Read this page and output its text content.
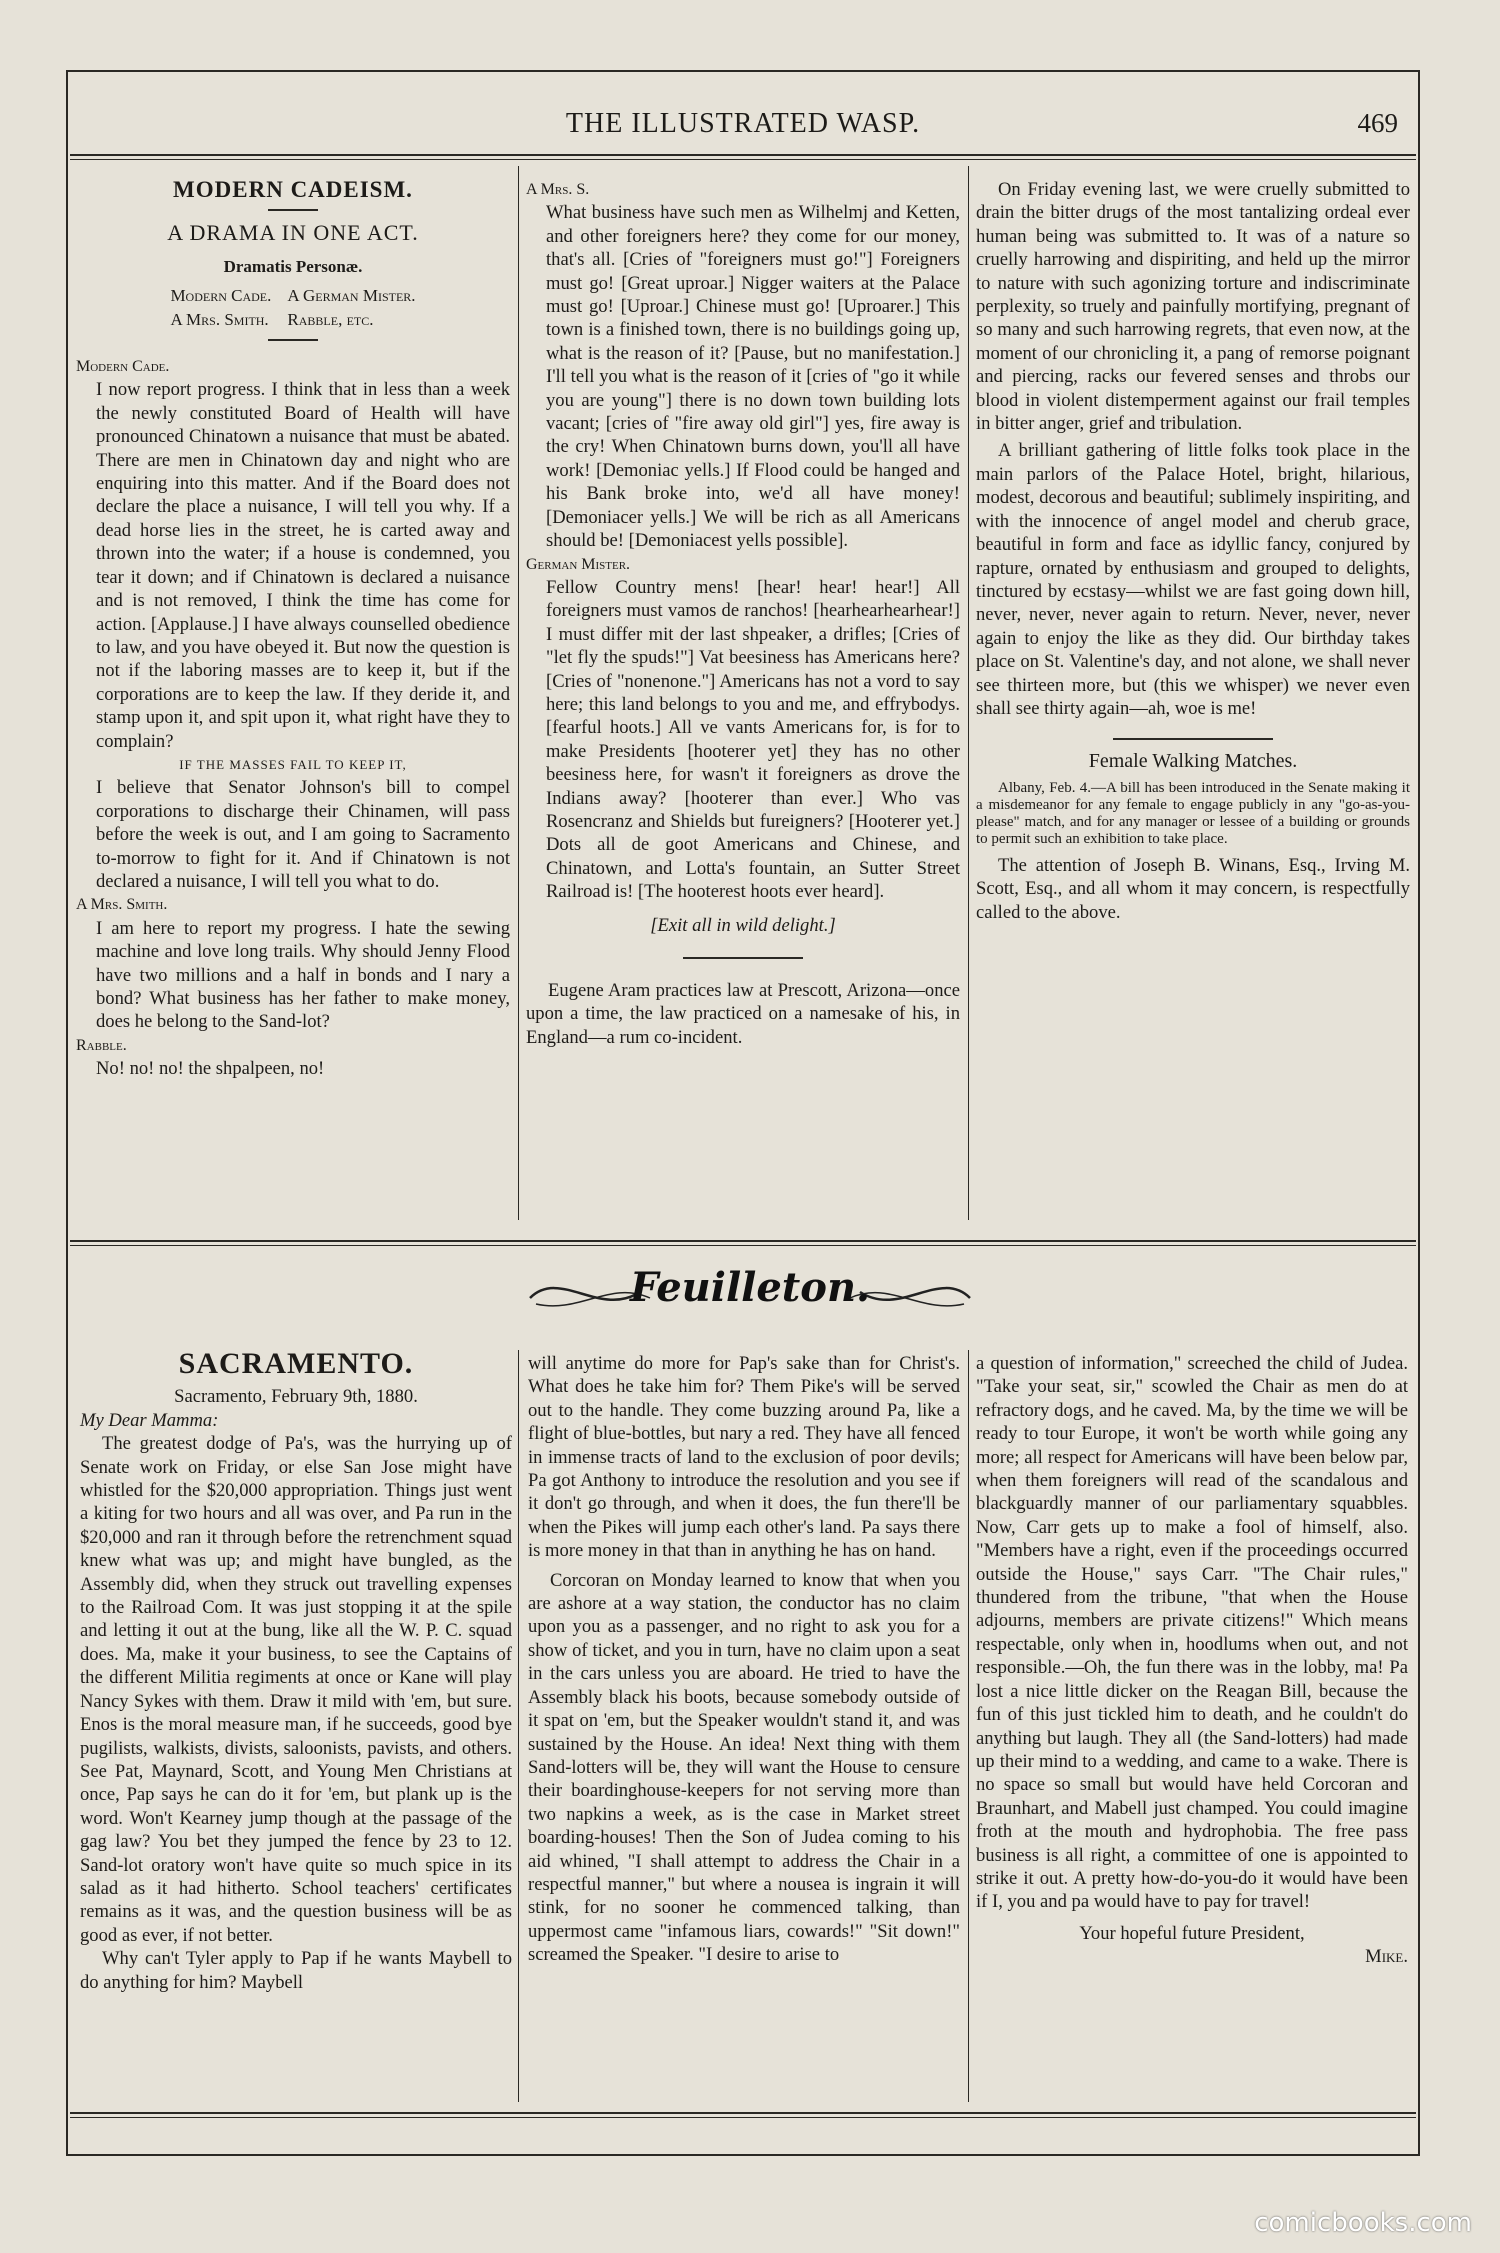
THE ILLUSTRATED WASP.	469
MODERN CADEISM.
A DRAMA IN ONE ACT.
Dramatis Personæ.
Modern Cade.	A German Mister.
A Mrs. Smith.	Rabble, etc.

Modern Cade.

I now report progress. I think that in less than a week the newly constituted Board of Health will have pronounced Chinatown a nuisance that must be abated. There are men in Chinatown day and night who are enquiring into this matter. And if the Board does not declare the place a nuisance, I will tell you why. If a dead horse lies in the street, he is carted away and thrown into the water; if a house is condemned, you tear it down; and if Chinatown is declared a nuisance and is not removed, I think the time has come for action. [Applause.] I have always counselled obedience to law, and you have obeyed it. But now the question is not if the laboring masses are to keep it, but if the corporations are to keep the law. If they deride it, and stamp upon it, and spit upon it, what right have they to complain?

IF THE MASSES FAIL TO KEEP IT,

I believe that Senator Johnson's bill to compel corporations to discharge their Chinamen, will pass before the week is out, and I am going to Sacramento to-morrow to fight for it. And if Chinatown is not declared a nuisance, I will tell you what to do.

A Mrs. Smith.

I am here to report my progress. I hate the sewing machine and love long trails. Why should Jenny Flood have two millions and a half in bonds and I nary a bond? What business has her father to make money, does he belong to the Sand-lot?

Rabble.

No! no! no! the shpalpeen, no!

A Mrs. S.

What business have such men as Wilhelmj and Ketten, and other foreigners here? they come for our money, that's all. [Cries of "foreigners must go!"] Foreigners must go! [Great uproar.] Nigger waiters at the Palace must go! [Uproar.] Chinese must go! [Uproarer.] This town is a finished town, there is no buildings going up, what is the reason of it? [Pause, but no manifestation.] I'll tell you what is the reason of it [cries of "go it while you are young"] there is no down town building lots vacant; [cries of "fire away old girl"] yes, fire away is the cry! When Chinatown burns down, you'll all have work! [Demoniac yells.] If Flood could be hanged and his Bank broke into, we'd all have money! [Demoniacer yells.] We will be rich as all Americans should be! [Demoniacest yells possible].

German Mister.

Fellow Country mens! [hear! hear! hear!] All foreigners must vamos de ranchos! [hearhearhearhear!] I must differ mit der last shpeaker, a drifles; [Cries of "let fly the spuds!"] Vat beesiness has Americans here? [Cries of "nonenone."] Americans has not a vord to say here; this land belongs to you and me, and effrybodys. [fearful hoots.] All ve vants Americans for, is for to make Presidents [hooterer yet] they has no other beesiness here, for wasn't it foreigners as drove the Indians away? [hooterer than ever.] Who vas Rosencranz and Shields but fureigners? [Hooterer yet.] Dots all de goot Americans and Chinese, and Chinatown, and Lotta's fountain, an Sutter Street Railroad is! [The hooterest hoots ever heard].

[Exit all in wild delight.]

Eugene Aram practices law at Prescott, Arizona—once upon a time, the law practiced on a namesake of his, in England—a rum co-incident.

On Friday evening last, we were cruelly submitted to drain the bitter drugs of the most tantalizing ordeal ever human being was submitted to. It was of a nature so cruelly harrowing and dispiriting, and held up the mirror to nature with such agonizing torture and indiscriminate perplexity, so truely and painfully mortifying, pregnant of so many and such harrowing regrets, that even now, at the moment of our chronicling it, a pang of remorse poignant and piercing, racks our fevered senses and throbs our blood in violent distemperment against our frail temples in bitter anger, grief and tribulation.

A brilliant gathering of little folks took place in the main parlors of the Palace Hotel, bright, hilarious, modest, decorous and beautiful; sublimely inspiriting, and with the innocence of angel model and cherub grace, beautiful in form and face as idyllic fancy, conjured by rapture, ornated by enthusiasm and grouped to delights, tinctured by ecstasy—whilst we are fast going down hill, never, never, never again to return. Never, never, never again to enjoy the like as they did. Our birthday takes place on St. Valentine's day, and not alone, we shall never see thirteen more, but (this we whisper) we never even shall see thirty again—ah, woe is me!

Female Walking Matches.

Albany, Feb. 4.—A bill has been introduced in the Senate making it a misdemeanor for any female to engage publicly in any "go-as-you-please" match, and for any manager or lessee of a building or grounds to permit such an exhibition to take place.

The attention of Joseph B. Winans, Esq., Irving M. Scott, Esq., and all whom it may concern, is respectfully called to the above.

Feuilleton.
SACRAMENTO.

Sacramento, February 9th, 1880.

My Dear Mamma:

The greatest dodge of Pa's, was the hurrying up of Senate work on Friday, or else San Jose might have whistled for the $20,000 appropriation. Things just went a kiting for two hours and all was over, and Pa run in the $20,000 and ran it through before the retrenchment squad knew what was up; and might have bungled, as the Assembly did, when they struck out travelling expenses to the Railroad Com. It was just stopping it at the spile and letting it out at the bung, like all the W. P. C. squad does. Ma, make it your business, to see the Captains of the different Militia regiments at once or Kane will play Nancy Sykes with them. Draw it mild with 'em, but sure. Enos is the moral measure man, if he succeeds, good bye pugilists, walkists, divists, saloonists, pavists, and others. See Pat, Maynard, Scott, and Young Men Christians at once, Pap says he can do it for 'em, but plank up is the word. Won't Kearney jump though at the passage of the gag law? You bet they jumped the fence by 23 to 12. Sand-lot oratory won't have quite so much spice in its salad as it had hitherto. School teachers' certificates remains as it was, and the question business will be as good as ever, if not better.

Why can't Tyler apply to Pap if he wants Maybell to do anything for him? Maybell

will anytime do more for Pap's sake than for Christ's. What does he take him for? Them Pike's will be served out to the handle. They come buzzing around Pa, like a flight of blue-bottles, but nary a red. They have all fenced in immense tracts of land to the exclusion of poor devils; Pa got Anthony to introduce the resolution and you see if it don't go through, and when it does, the fun there'll be when the Pikes will jump each other's land. Pa says there is more money in that than in anything he has on hand.

Corcoran on Monday learned to know that when you are ashore at a way station, the conductor has no claim upon you as a passenger, and no right to ask you for a show of ticket, and you in turn, have no claim upon a seat in the cars unless you are aboard. He tried to have the Assembly black his boots, because somebody outside of it spat on 'em, but the Speaker wouldn't stand it, and was sustained by the House. An idea! Next thing with them Sand-lotters will be, they will want the House to censure their boardinghouse-keepers for not serving more than two napkins a week, as is the case in Market street boarding-houses! Then the Son of Judea coming to his aid whined, "I shall attempt to address the Chair in a respectful manner," but where a nousea is ingrain it will stink, for no sooner he commenced talking, than uppermost came "infamous liars, cowards!" "Sit down!" screamed the Speaker. "I desire to arise to

a question of information," screeched the child of Judea. "Take your seat, sir," scowled the Chair as men do at refractory dogs, and he caved. Ma, by the time we will be ready to tour Europe, it won't be worth while going any more; all respect for Americans will have been below par, when them foreigners will read of the scandalous and blackguardly manner of our parliamentary squabbles. Now, Carr gets up to make a fool of himself, also. "Members have a right, even if the proceedings occurred outside the House," says Carr. "The Chair rules," thundered from the tribune, "that when the House adjourns, members are private citizens!" Which means respectable, only when in, hoodlums when out, and not responsible.—Oh, the fun there was in the lobby, ma! Pa lost a nice little dicker on the Reagan Bill, because the fun of this just tickled him to death, and he couldn't do anything but laugh. They all (the Sand-lotters) had made up their mind to a wedding, and came to a wake. There is no space so small but would have held Corcoran and Braunhart, and Mabell just champed. You could imagine froth at the mouth and hydrophobia. The free pass business is all right, a committee of one is appointed to strike it out. A pretty how-do-you-do it would have been if I, you and pa would have to pay for travel!

Your hopeful future President,

Mike.

comicbooks.com
